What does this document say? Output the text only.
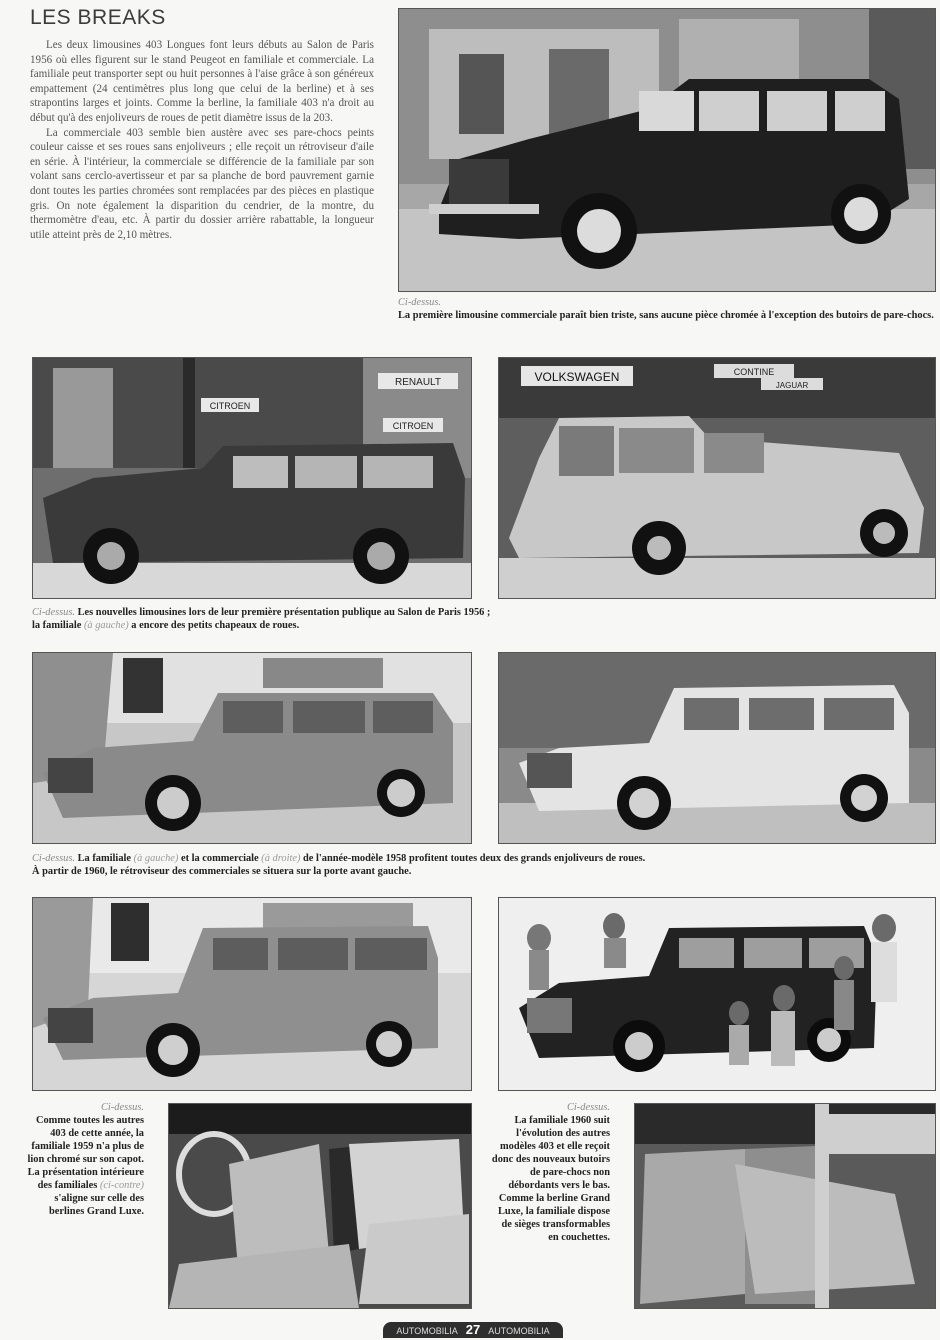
LES BREAKS

Les deux limousines 403 Longues font leurs débuts au Salon de Paris 1956 où elles figurent sur le stand Peugeot en familiale et commerciale. La familiale peut transporter sept ou huit personnes à l'aise grâce à son généreux empattement (24 centimètres plus long que celui de la berline) et à ses strapontins larges et joints. Comme la berline, la familiale 403 n'a droit au début qu'à des enjoliveurs de roues de petit diamètre issus de la 203.

La commerciale 403 semble bien austère avec ses pare-chocs peints couleur caisse et ses roues sans enjoliveurs ; elle reçoit un rétroviseur d'aile en série. À l'intérieur, la commerciale se différencie de la familiale par son volant sans cerclo-avertisseur et par sa planche de bord pauvrement garnie dont toutes les parties chromées sont remplacées par des pièces en plastique gris. On note également la disparition du cendrier, de la montre, du thermomètre d'eau, etc. À partir du dossier arrière rabattable, la longueur utile atteint près de 2,10 mètres.

Ci-dessus.
La première limousine commerciale paraît bien triste, sans aucune pièce chromée à l'exception des butoirs de pare-chocs.
CITROEN
RENAULT
CITROEN
VOLKSWAGEN	CONTINE
JAGUAR
Ci-dessus. Les nouvelles limousines lors de leur première présentation publique au Salon de Paris 1956 ;
la familiale (à gauche) a encore des petits chapeaux de roues.
Ci-dessus. La familiale (à gauche) et la commerciale (à droite) de l'année-modèle 1958 profitent toutes deux des grands enjoliveurs de roues.
À partir de 1960, le rétroviseur des commerciales se situera sur la porte avant gauche.
Ci-dessus.
Comme toutes les autres 403 de cette année, la familiale 1959 n'a plus de lion chromé sur son capot. La présentation intérieure des familiales (ci-contre) s'aligne sur celle des berlines Grand Luxe.
Ci-dessus.
La familiale 1960 suit l'évolution des autres modèles 403 et elle reçoit donc des nouveaux butoirs de pare-chocs non débordants vers le bas. Comme la berline Grand Luxe, la familiale dispose de sièges transformables en couchettes.
AUTOMOBILIA 27 AUTOMOBILIA
